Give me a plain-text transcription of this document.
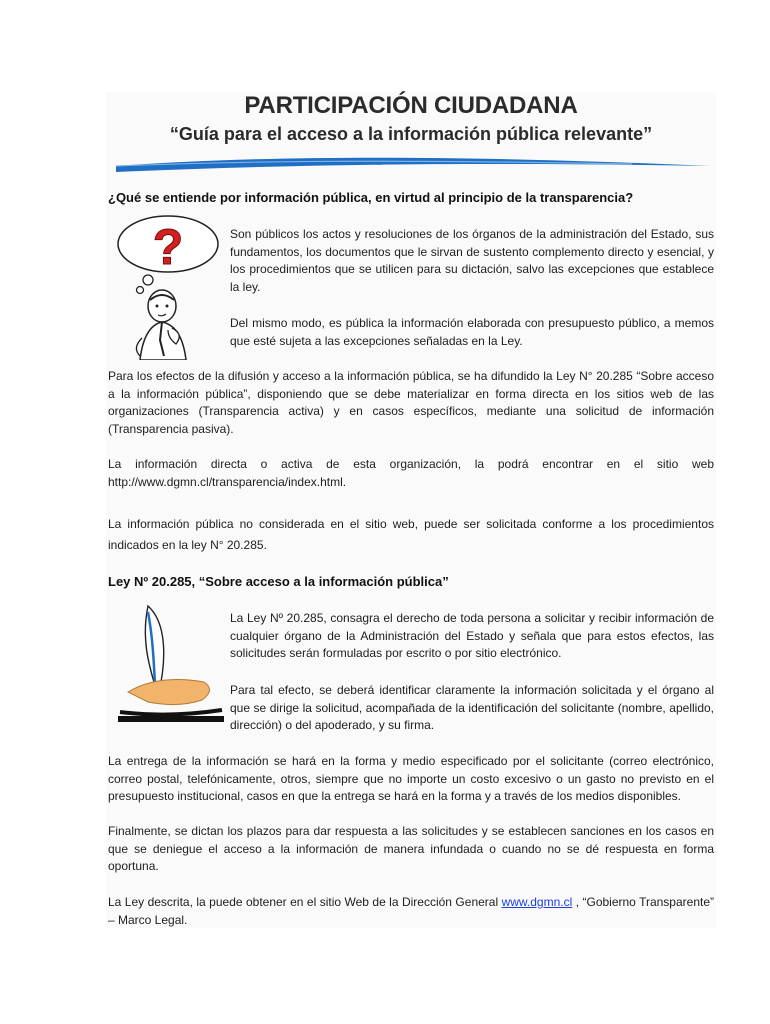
PARTICIPACIÓN CIUDADANA
“Guía para el acceso a la información pública relevante”
¿Qué se entiende por información pública, en virtud al principio de la transparencia?
?	Son públicos los actos y resoluciones de los órganos de la administración del Estado, sus fundamentos, los documentos que le sirvan de sustento complemento directo y esencial, y los procedimientos que se utilicen para su dictación, salvo las excepciones que establece la ley.
Del mismo modo, es pública la información elaborada con presupuesto público, a memos que esté sujeta a las excepciones señaladas en la Ley.
Para los efectos de la difusión y acceso a la información pública, se ha difundido la Ley N° 20.285 “Sobre acceso a la información pública”, disponiendo que se debe materializar en forma directa en los sitios web de las organizaciones (Transparencia activa) y en casos específicos, mediante una solicitud de información (Transparencia pasiva).
La información directa o activa de esta organización, la podrá encontrar en el sitio web http://www.dgmn.cl/transparencia/index.html.
La información pública no considerada en el sitio web, puede ser solicitada conforme a los procedimientos indicados en la ley N° 20.285.
Ley Nº 20.285, “Sobre acceso a la información pública”
La Ley Nº 20.285, consagra el derecho de toda persona a solicitar y recibir información de cualquier órgano de la Administración del Estado y señala que para estos efectos, las solicitudes serán formuladas por escrito o por sitio electrónico.
Para tal efecto, se deberá identificar claramente la información solicitada y el órgano al que se dirige la solicitud, acompañada de la identificación del solicitante (nombre, apellido, dirección) o del apoderado, y su firma.
La entrega de la información se hará en la forma y medio especificado por el solicitante (correo electrónico, correo postal, telefónicamente, otros, siempre que no importe un costo excesivo o un gasto no previsto en el presupuesto institucional, casos en que la entrega se hará en la forma y a través de los medios disponibles.
Finalmente, se dictan los plazos para dar respuesta a las solicitudes y se establecen sanciones en los casos en que se deniegue el acceso a la información de manera infundada o cuando no se dé respuesta en forma oportuna.
La Ley descrita, la puede obtener en el sitio Web de la Dirección General www.dgmn.cl , “Gobierno Transparente” – Marco Legal.
